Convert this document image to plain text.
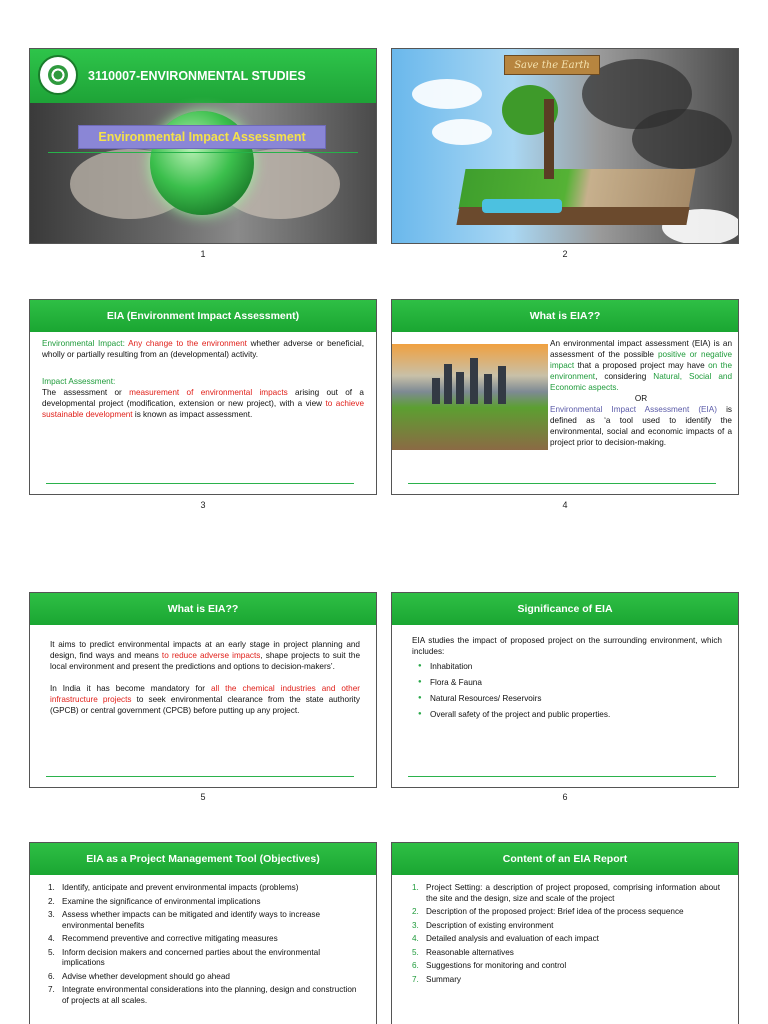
3110007-ENVIRONMENTAL STUDIES
Environmental Impact Assessment
1
Save the Earth
2
EIA (Environment Impact Assessment)

Environmental Impact: Any change to the environment whether adverse or beneficial, wholly or partially resulting from an (developmental) activity.

Impact Assessment:

The assessment or measurement of environmental impacts arising out of a developmental project (modification, extension or new project), with a view to achieve sustainable development is known as impact assessment.

3
What is EIA??

An environmental impact assessment (EIA) is an assessment of the possible positive or negative impact that a proposed project may have on the environment, considering Natural, Social and Economic aspects.

OR

Environmental Impact Assessment (EIA) is defined as ‘a tool used to identify the environmental, social and economic impacts of a project prior to decision-making.

4
What is EIA??

It aims to predict environmental impacts at an early stage in project planning and design, find ways and means to reduce adverse impacts, shape projects to suit the local environment and present the predictions and options to decision-makers’.

In India it has become mandatory for all the chemical industries and other infrastructure projects to seek environmental clearance from the state authority (GPCB) or central government (CPCB) before putting up any project.

5
Significance of EIA

EIA studies the impact of proposed project on the surrounding environment, which includes:

● Inhabitation
● Flora & Fauna
● Natural Resources/ Reservoirs
● Overall safety of the project and public properties.
6
EIA as a Project Management Tool (Objectives)
1. Identify, anticipate and prevent environmental impacts (problems)
2. Examine the significance of environmental implications
3. Assess whether impacts can be mitigated and identify ways to increase environmental benefits
4. Recommend preventive and corrective mitigating measures
5. Inform decision makers and concerned parties about the environmental implications
6. Advise whether development should go ahead
7. Integrate environmental considerations into the planning, design and construction of projects at all scales.
Content of an EIA Report
1. Project Setting: a description of project proposed, comprising information about the site and the design, size and scale of the project
2. Description of the proposed project: Brief idea of the process sequence
3. Description of existing environment
4. Detailed analysis and evaluation of each impact
5. Reasonable alternatives
6. Suggestions for monitoring and control
7. Summary
